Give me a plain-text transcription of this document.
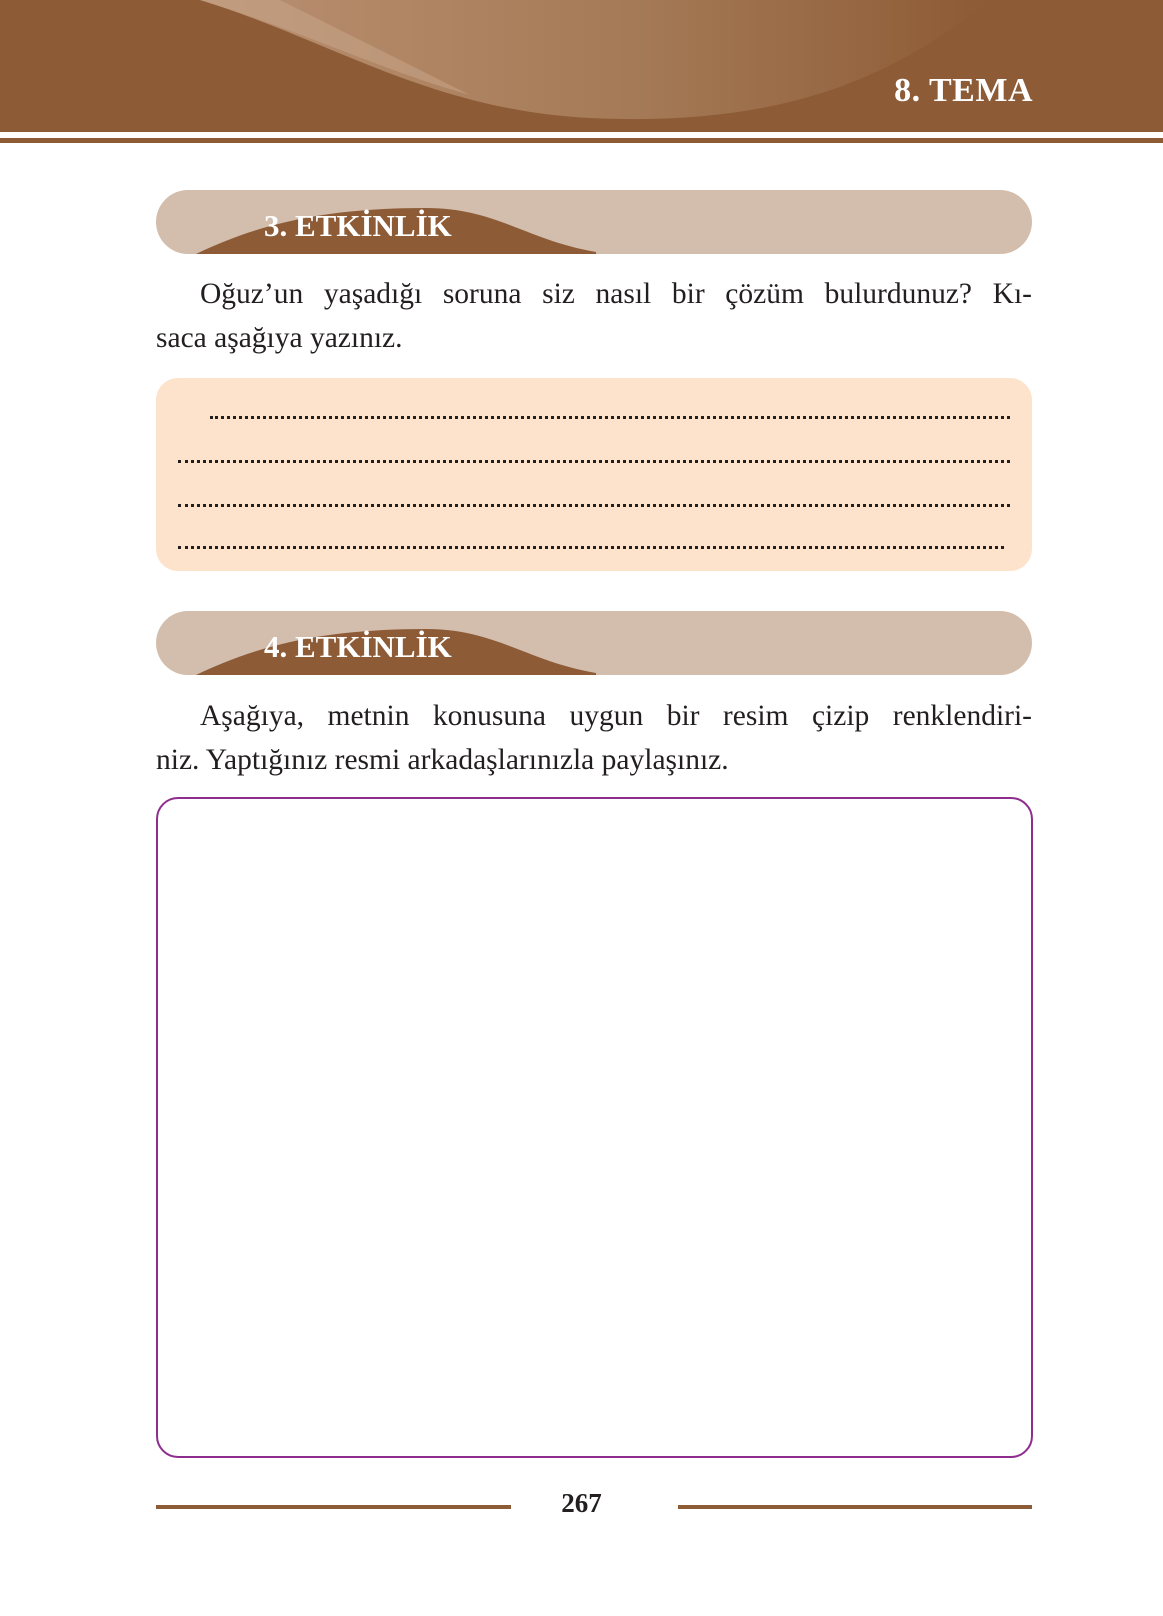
8. TEMA
3. ETKİNLİK
Oğuz’un yaşadığı soruna siz nasıl bir çözüm bulurdunuz? Kı-
saca aşağıya yazınız.
4. ETKİNLİK
Aşağıya, metnin konusuna uygun bir resim çizip renklendiri-
niz. Yaptığınız resmi arkadaşlarınızla paylaşınız.
267
